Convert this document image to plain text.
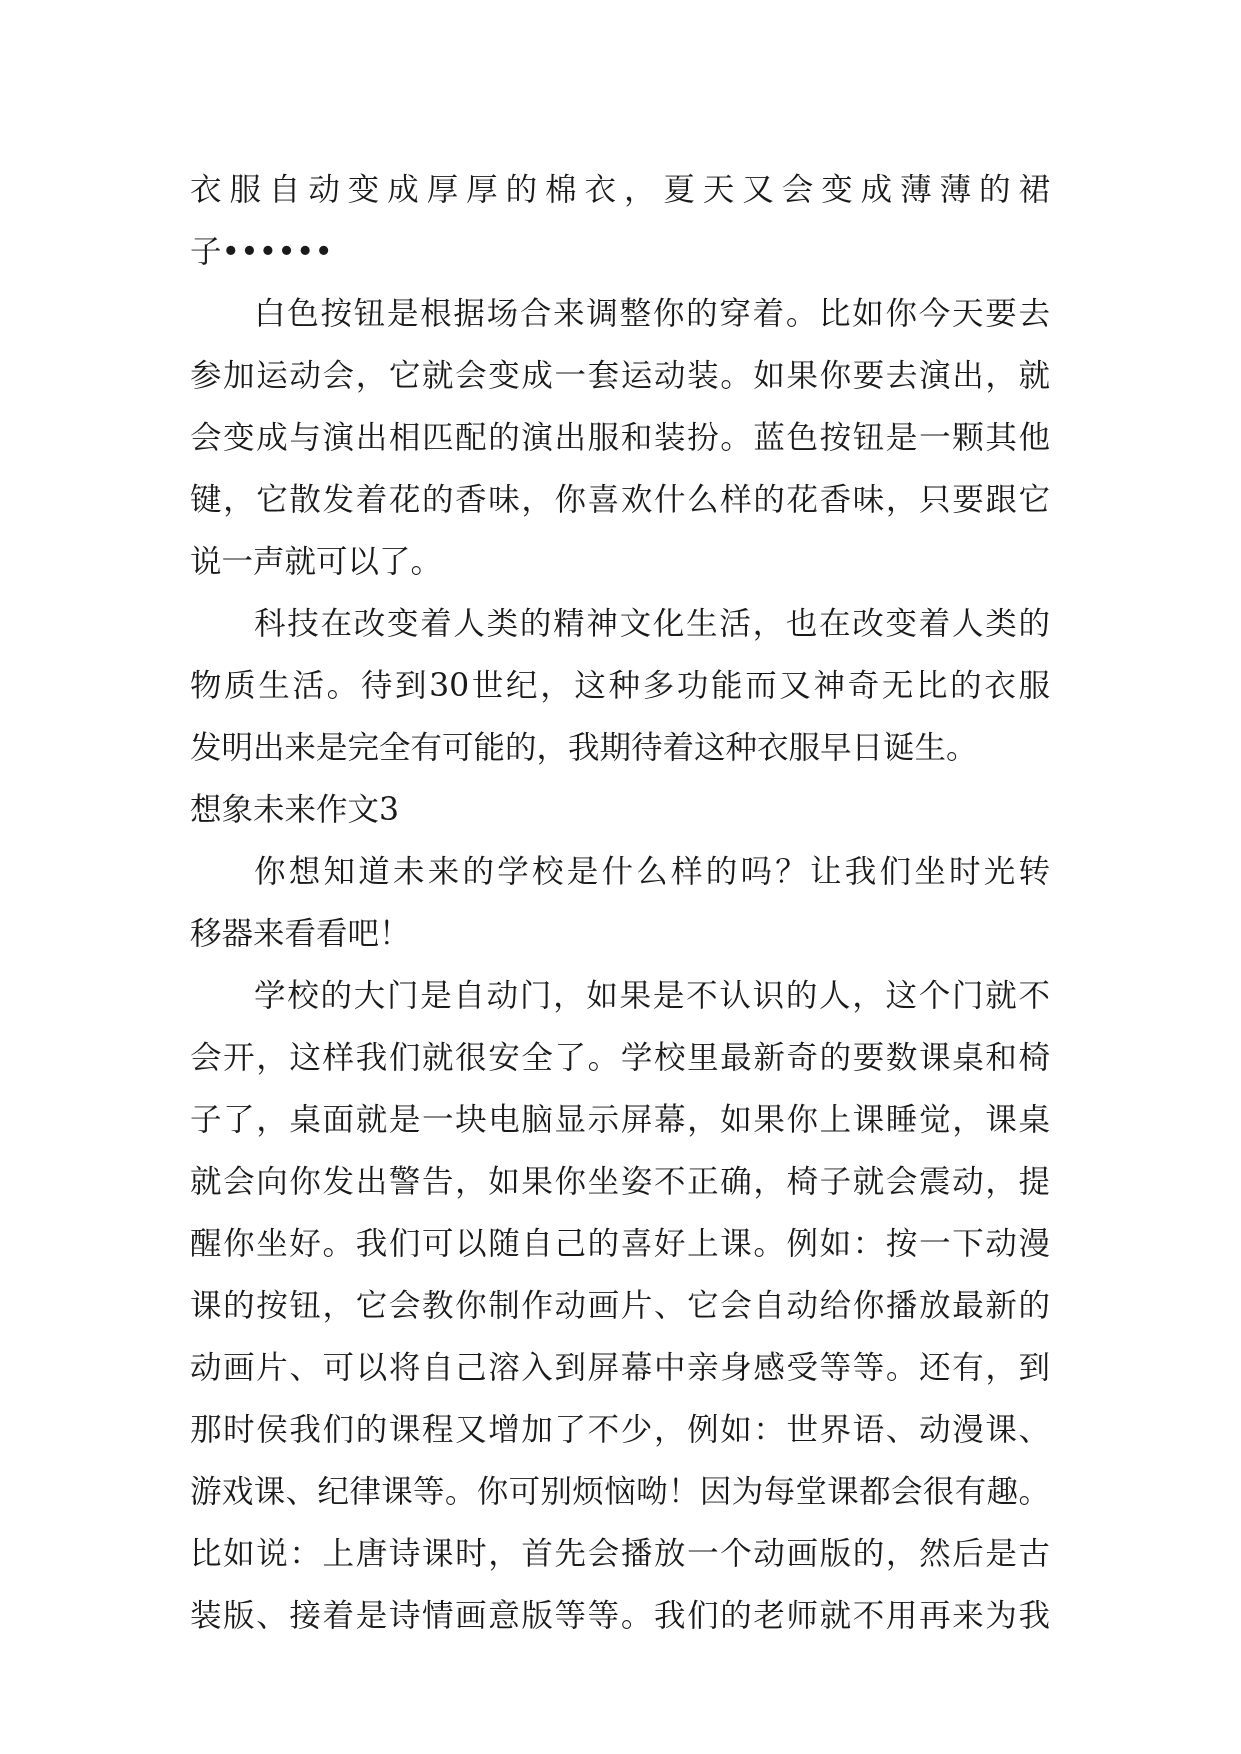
衣服自动变成厚厚的棉衣，夏天又会变成薄薄的裙
子••••••
白色按钮是根据场合来调整你的穿着。比如你今天要去
参加运动会，它就会变成一套运动装。如果你要去演出，就
会变成与演出相匹配的演出服和装扮。蓝色按钮是一颗其他
键，它散发着花的香味，你喜欢什么样的花香味，只要跟它
说一声就可以了。
科技在改变着人类的精神文化生活，也在改变着人类的
物质生活。待到30世纪，这种多功能而又神奇无比的衣服
发明出来是完全有可能的，我期待着这种衣服早日诞生。
想象未来作文3
你想知道未来的学校是什么样的吗？让我们坐时光转
移器来看看吧！
学校的大门是自动门，如果是不认识的人，这个门就不
会开，这样我们就很安全了。学校里最新奇的要数课桌和椅
子了，桌面就是一块电脑显示屏幕，如果你上课睡觉，课桌
就会向你发出警告，如果你坐姿不正确，椅子就会震动，提
醒你坐好。我们可以随自己的喜好上课。例如：按一下动漫
课的按钮，它会教你制作动画片、它会自动给你播放最新的
动画片、可以将自己溶入到屏幕中亲身感受等等。还有，到
那时侯我们的课程又增加了不少，例如：世界语、动漫课、
游戏课、纪律课等。你可别烦恼呦！因为每堂课都会很有趣。
比如说：上唐诗课时，首先会播放一个动画版的，然后是古
装版、接着是诗情画意版等等。我们的老师就不用再来为我
